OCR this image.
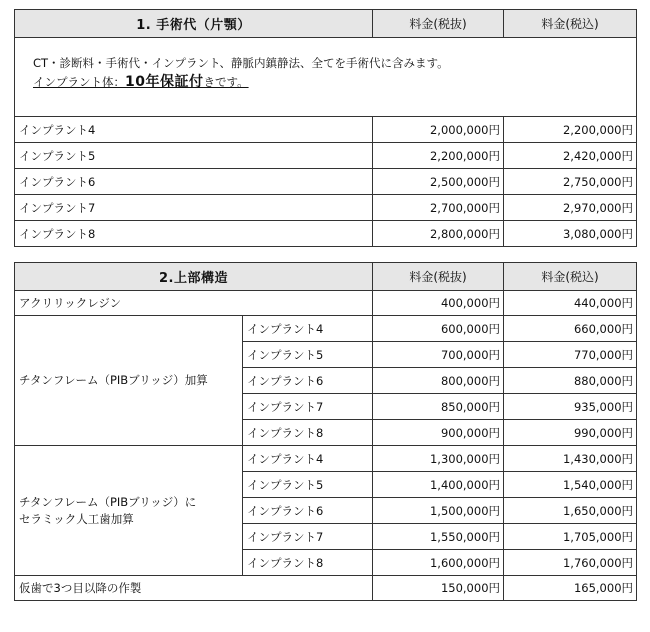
1. 手術代（片顎）	料金(税抜)	料金(税込)

CT・診断料・手術代・インプラント、静脈内鎮静法、全てを手術代に含みます。
インプラント体：10年保証付きです。		

インプラント4	2,000,000円	2,200,000円
インプラント5	2,200,000円	2,420,000円
インプラント6	2,500,000円	2,750,000円
インプラント7	2,700,000円	2,970,000円
インプラント8	2,800,000円	3,080,000円
2.上部構造		料金(税抜)	料金(税込)
アクリリックレジン		400,000円	440,000円
チタンフレーム（PIBブリッジ）加算	インプラント4	600,000円	660,000円
	インプラント5	700,000円	770,000円
	インプラント6	800,000円	880,000円
	インプラント7	850,000円	935,000円
	インプラント8	900,000円	990,000円

チタンフレーム（PIBブリッジ）に
セラミック人工歯加算	インプラント4	1,300,000円	1,430,000円
	インプラント5	1,400,000円	1,540,000円
	インプラント6	1,500,000円	1,650,000円
	インプラント7	1,550,000円	1,705,000円
	インプラント8	1,600,000円	1,760,000円
仮歯で3つ目以降の作製		150,000円	165,000円
